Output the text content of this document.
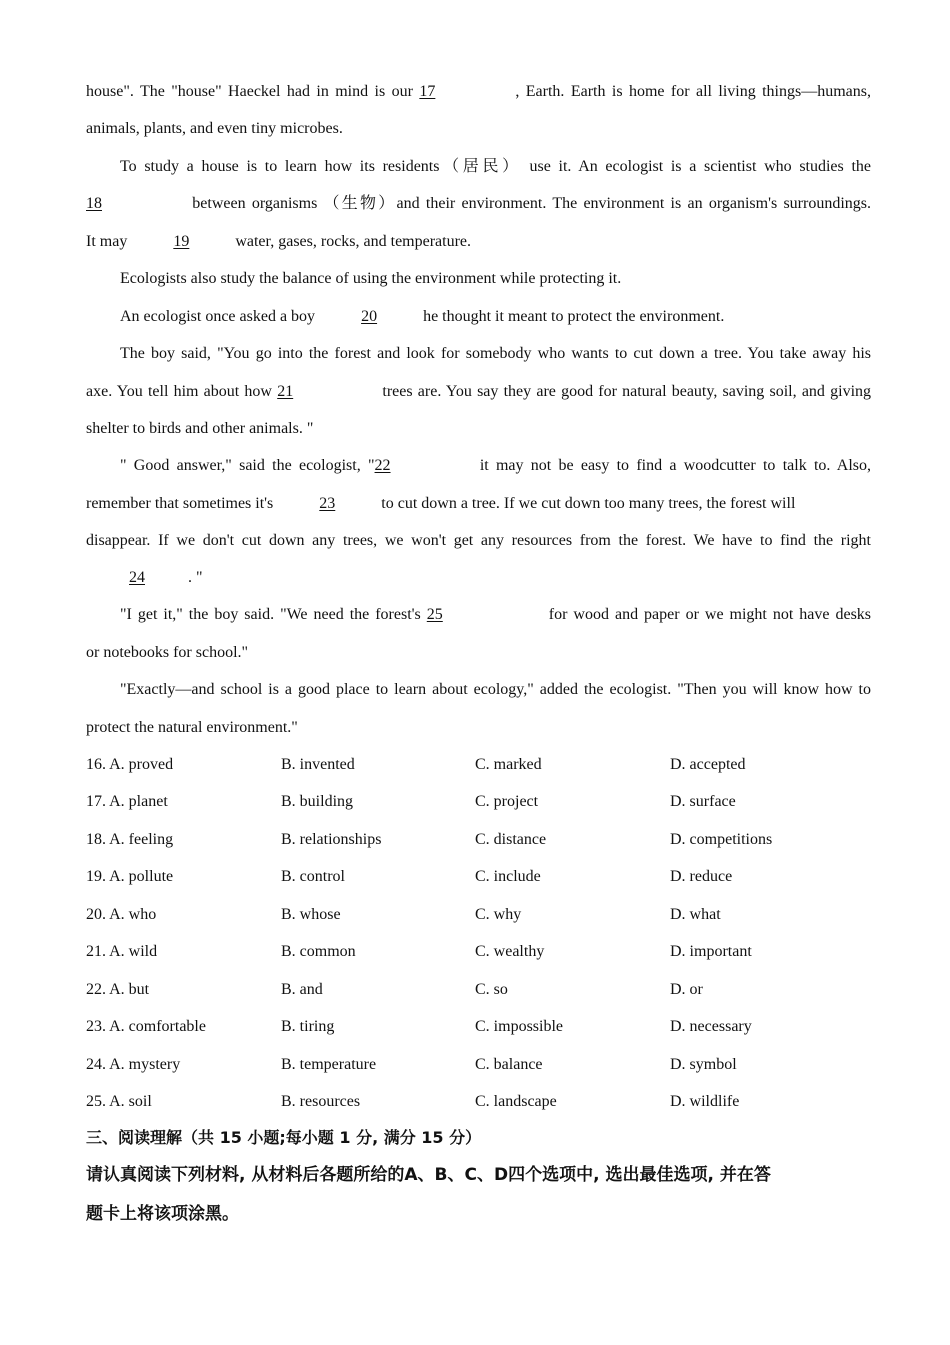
house". The "house" Haeckel had in mind is our 17	, Earth. Earth is home for all living things—humans,
animals, plants, and even tiny microbes.
To study a house is to learn how its residents（居民） use it. An ecologist is a scientist who studies the
18	between organisms （生物）and their environment. The environment is an organism's surroundings.
It may	19	water, gases, rocks, and temperature.
Ecologists also study the balance of using the environment while protecting it.
An ecologist once asked a boy	20	he thought it meant to protect the environment.
The boy said, "You go into the forest and look for somebody who wants to cut down a tree. You take away his
axe. You tell him about how 21	trees are. You say they are good for natural beauty, saving soil, and giving
shelter to birds and other animals. "
" Good answer," said the ecologist, "22	it may not be easy to find a woodcutter to talk to. Also,
remember that sometimes it's	23	to cut down a tree. If we cut down too many trees, the forest will
disappear. If we don't cut down any trees, we won't get any resources from the forest. We have to find the right
24	. "
"I get it," the boy said. "We need the forest's 25	for wood and paper or we might not have desks
or notebooks for school."
"Exactly—and school is a good place to learn about ecology," added the ecologist. "Then you will know how to
protect the natural environment."
16. A. proved	B. invented	C. marked	D. accepted
17. A. planet	B. building	C. project	D. surface
18. A. feeling	B. relationships	C. distance	D. competitions
19. A. pollute	B. control	C. include	D. reduce
20. A. who	B. whose	C. why	D. what
21. A. wild	B. common	C. wealthy	D. important
22. A. but	B. and	C. so	D. or
23. A. comfortable	B. tiring	C. impossible	D. necessary
24. A. mystery	B. temperature	C. balance	D. symbol
25. A. soil	B. resources	C. landscape	D. wildlife
三、阅读理解（共 15 小题;每小题 1 分, 满分 15 分）
请认真阅读下列材料, 从材料后各题所给的A、B、C、D四个选项中, 选出最佳选项, 并在答
题卡上将该项涂黑。
